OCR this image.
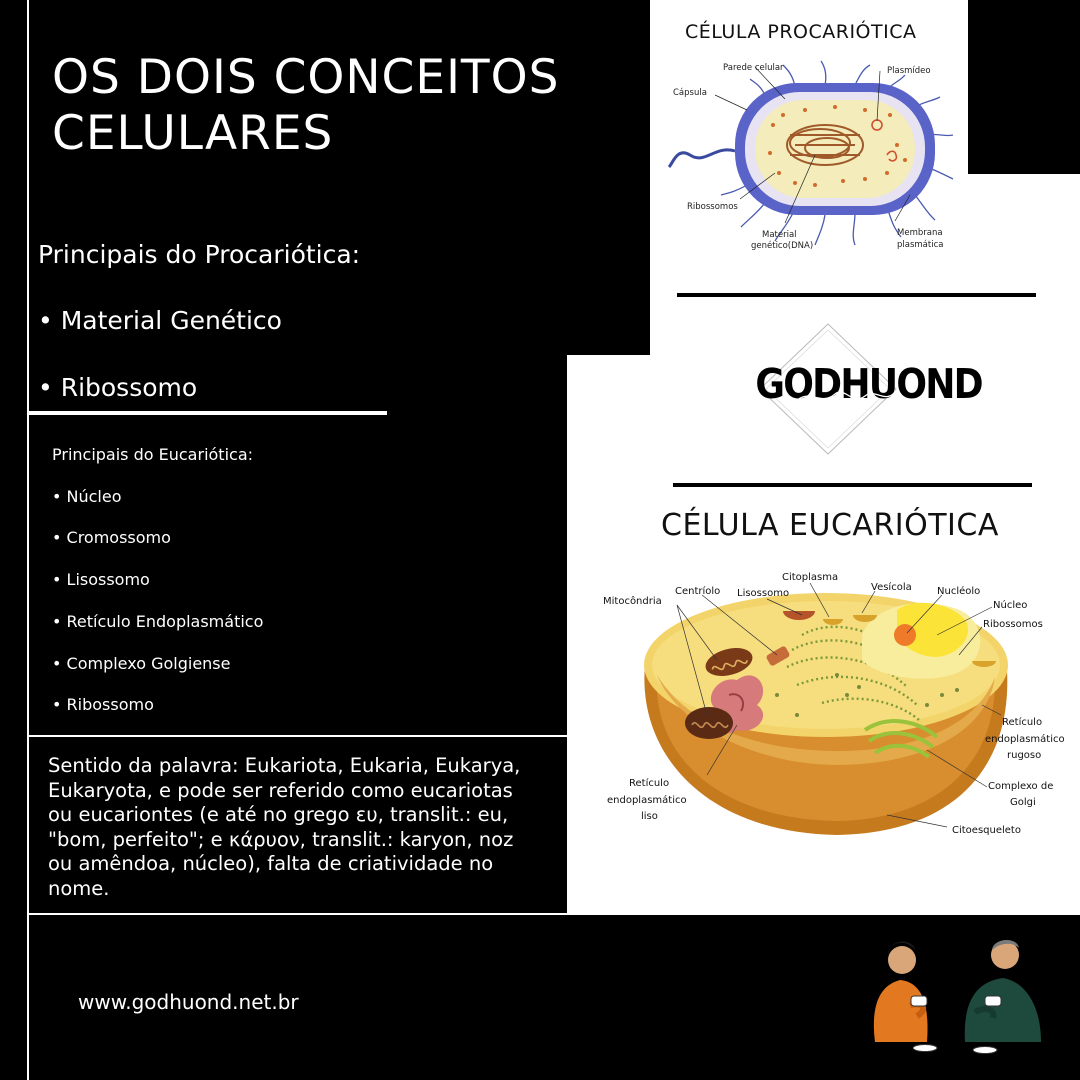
OS DOIS CONCEITOS CELULARES
Principais do Procariótica:
• Material Genético
• Ribossomo
Principais do Eucariótica:
• Núcleo
• Cromossomo
• Lisossomo
• Retículo Endoplasmático
• Complexo Golgiense
• Ribossomo
Sentido da palavra: Eukariota, Eukaria, Eukarya, Eukaryota, e pode ser referido como eucariotas ou eucariontes (e até no grego ευ, translit.: eu, "bom, perfeito"; e κάρυον, translit.: karyon, noz ou amêndoa, núcleo), falta de criatividade no nome.
CÉLULA PROCARIÓTICA
Parede celular	Plasmídeo
Cápsula
Ribossomos
Material
genético(DNA)
Membrana
plasmática
GODHUOND
CÉLULA EUCARIÓTICA
Citoplasma
Centríolo Lisossomo
Vesícola	Nucléolo
Mitocôndria	Núcleo
Ribossomos
Retículo
endoplasmático
rugoso
Retículo
endoplasmático
liso
Complexo de
Golgi
Citoesqueleto
www.godhuond.net.br
